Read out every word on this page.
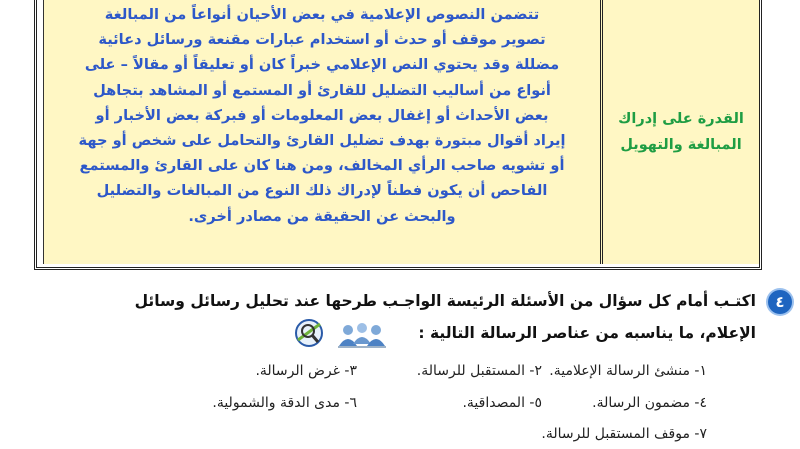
القدرة على إدراك
المبالغة والتهويل

تتضمن النصوص الإعلامية في بعض الأحيان أنواعاً من المبالغة

تصوير موقف أو حدث أو استخدام عبارات مقنعة ورسائل دعائية

مضللة وقد يحتوي النص الإعلامي خبراً كان أو تعليقاً أو مقالاً – على

أنواع من أساليب التضليل للقارئ أو المستمع أو المشاهد بتجاهل

بعض الأحداث أو إغفال بعض المعلومات أو فبركة بعض الأخبار أو

إيراد أقوال مبتورة بهدف تضليل القارئ والتحامل على شخص أو جهة

أو تشويه صاحب الرأي المخالف، ومن هنا كان على القارئ والمستمع

الفاحص أن يكون فطناً لإدراك ذلك النوع من المبالغات والتضليل

والبحث عن الحقيقة من مصادر أخرى.

٤
اكتـب أمام كل سؤال من الأسئلة الرئيسة الواجـب طرحها عند تحليل رسائل وسائل
الإعلام، ما يناسبه من عناصر الرسالة التالية :
١- منشئ الرسالة الإعلامية.
٢- المستقبل للرسالة.
٣- غرض الرسالة.
٤- مضمون الرسالة.
٥- المصداقية.
٦- مدى الدقة والشمولية.
٧- موقف المستقبل للرسالة.
